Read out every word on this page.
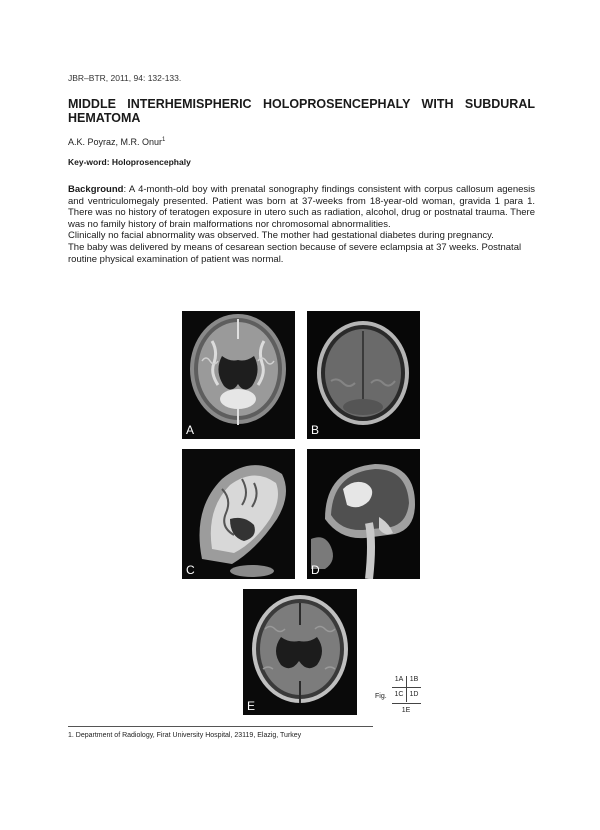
JBR–BTR, 2011, 94: 132-133.
MIDDLE INTERHEMISPHERIC HOLOPROSENCEPHALY WITH SUBDURAL HEMATOMA
A.K. Poyraz, M.R. Onur$^1$
Key-word: Holoprosencephaly

Background: A 4-month-old boy with prenatal sonography findings consistent with corpus callosum agenesis and ventriculomegaly presented. Patient was born at 37-weeks from 18-year-old woman, gravida 1 para 1. There was no history of teratogen exposure in utero such as radiation, alcohol, drug or postnatal trauma. There was no family history of brain malformations nor chromosomal abnormalities.

Clinically no facial abnormality was observed. The mother had gestational diabetes during pregnancy.

The baby was delivered by means of cesarean section because of severe eclampsia at 37 weeks. Postnatal routine physical examination of patient was normal.

A	B
C	D
E
Fig.
1A 1B
1C 1D
1E
1. Department of Radiology, Firat University Hospital, 23119, Elazig, Turkey
